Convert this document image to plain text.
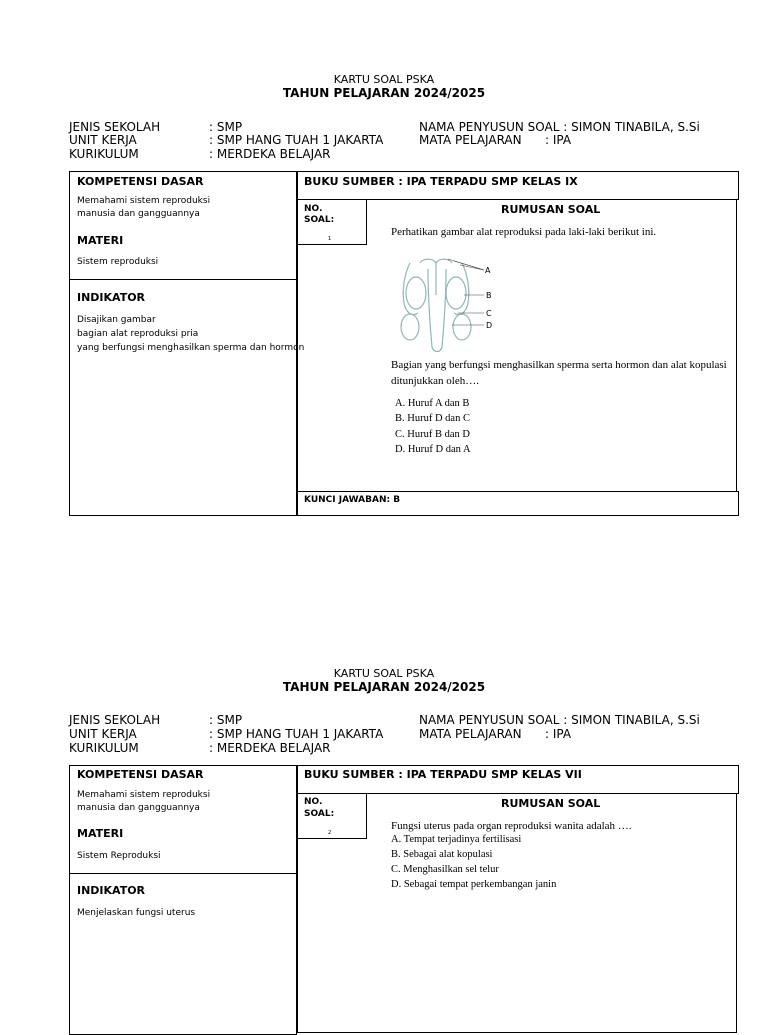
KARTU SOAL PSKA
TAHUN PELAJARAN 2024/2025
JENIS SEKOLAH	: SMP
UNIT KERJA	: SMP HANG TUAH 1 JAKARTA
KURIKULUM	: MERDEKA BELAJAR
NAMA PENYUSUN SOAL : SIMON TINABILA, S.Si
MATA PELAJARAN : IPA
KOMPETENSI DASAR
Memahami sistem reproduksi
manusia dan gangguannya
MATERI
Sistem reproduksi
INDIKATOR
Disajikan gambar
bagian alat reproduksi pria
yang berfungsi menghasilkan sperma dan hormon
BUKU SUMBER : IPA TERPADU SMP KELAS IX
NO.
SOAL:
1
RUMUSAN SOAL
Perhatikan gambar alat reproduksi pada laki-laki berikut ini.
A
B
C
D
Bagian yang berfungsi menghasilkan sperma serta hormon dan alat kopulasi
ditunjukkan oleh….
A. Huruf A dan B
B. Huruf D dan C
C. Huruf B dan D
D. Huruf D dan A
KUNCI JAWABAN: B
KARTU SOAL PSKA
TAHUN PELAJARAN 2024/2025
JENIS SEKOLAH	: SMP
UNIT KERJA	: SMP HANG TUAH 1 JAKARTA
KURIKULUM	: MERDEKA BELAJAR
NAMA PENYUSUN SOAL : SIMON TINABILA, S.Si
MATA PELAJARAN : IPA
KOMPETENSI DASAR
Memahami sistem reproduksi
manusia dan gangguannya
MATERI
Sistem Reproduksi
INDIKATOR
Menjelaskan fungsi uterus
BUKU SUMBER : IPA TERPADU SMP KELAS VII
NO.
SOAL:
2
RUMUSAN SOAL
Fungsi uterus pada organ reproduksi wanita adalah ….
A. Tempat terjadinya fertilisasi
B. Sebagai alat kopulasi
C. Menghasilkan sel telur
D. Sebagai tempat perkembangan janin
